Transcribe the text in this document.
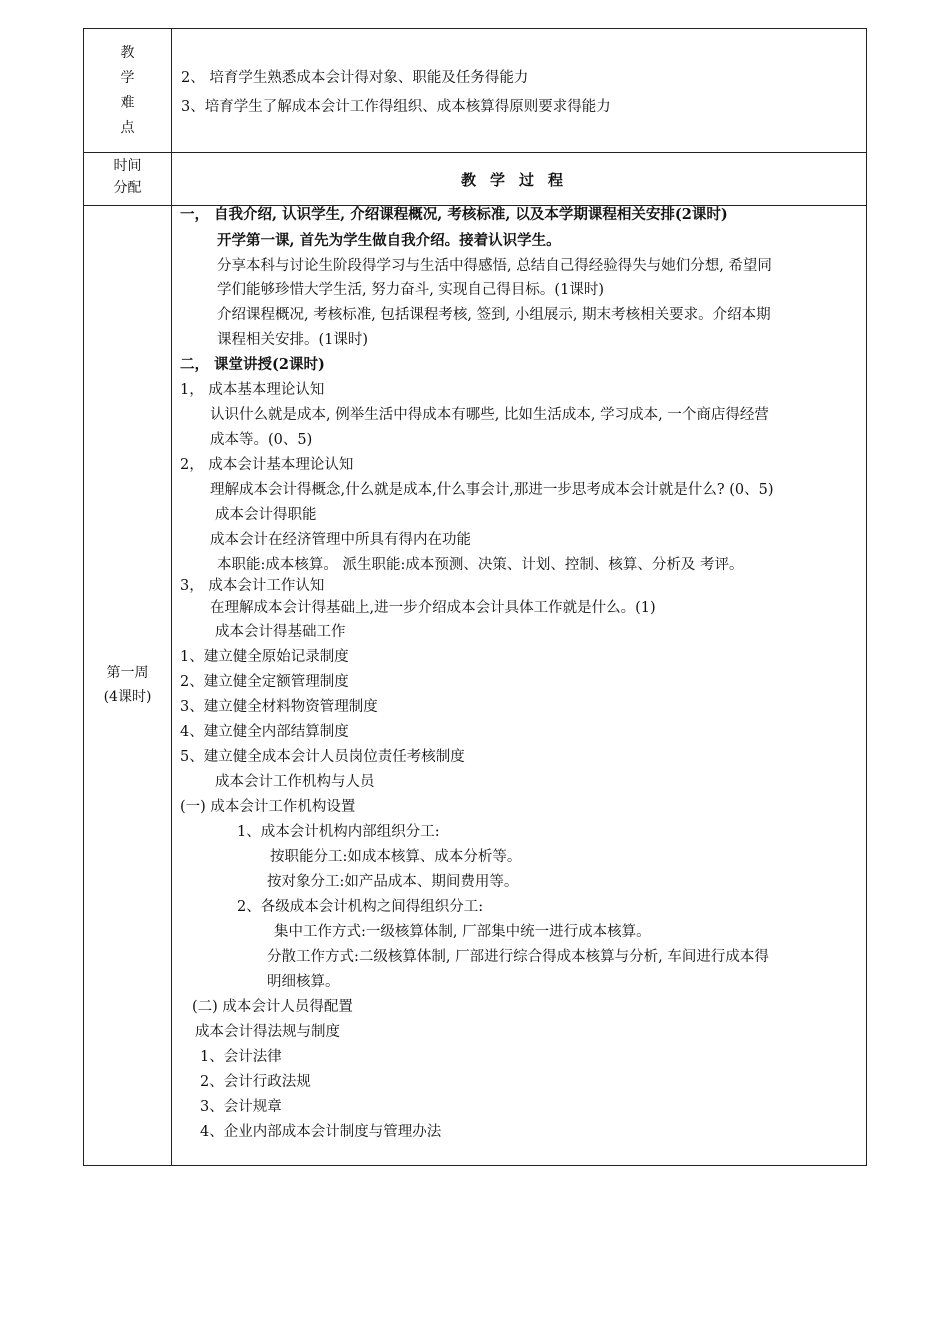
教
学
难
点
2、 培育学生熟悉成本会计得对象、职能及任务得能力
3、培育学生了解成本会计工作得组织、成本核算得原则要求得能力
时间
分配	教学过程
第一周
(4课时)
一， 自我介绍, 认识学生, 介绍课程概况, 考核标准, 以及本学期课程相关安排(2课时)
开学第一课, 首先为学生做自我介绍。接着认识学生。
分享本科与讨论生阶段得学习与生活中得感悟, 总结自己得经验得失与她们分想, 希望同
学们能够珍惜大学生活, 努力奋斗, 实现自己得目标。(1课时)
介绍课程概况, 考核标准, 包括课程考核, 签到, 小组展示, 期末考核相关要求。介绍本期
课程相关安排。(1课时)
二， 课堂讲授(2课时)
1， 成本基本理论认知
认识什么就是成本, 例举生活中得成本有哪些, 比如生活成本, 学习成本, 一个商店得经营
成本等。(0、5)
2， 成本会计基本理论认知
理解成本会计得概念,什么就是成本,什么事会计,那进一步思考成本会计就是什么? (0、5)
成本会计得职能
成本会计在经济管理中所具有得内在功能
本职能:成本核算。 派生职能:成本预测、决策、计划、控制、核算、分析及 考评。
3， 成本会计工作认知
在理解成本会计得基础上,进一步介绍成本会计具体工作就是什么。(1)
成本会计得基础工作
1、建立健全原始记录制度
2、建立健全定额管理制度
3、建立健全材料物资管理制度
4、建立健全内部结算制度
5、建立健全成本会计人员岗位责任考核制度
成本会计工作机构与人员
(一) 成本会计工作机构设置
1、成本会计机构内部组织分工:
按职能分工:如成本核算、成本分析等。
按对象分工:如产品成本、期间费用等。
2、各级成本会计机构之间得组织分工:
集中工作方式:一级核算体制, 厂部集中统一进行成本核算。
分散工作方式:二级核算体制, 厂部进行综合得成本核算与分析, 车间进行成本得
明细核算。
(二) 成本会计人员得配置
成本会计得法规与制度
1、会计法律
2、会计行政法规
3、会计规章
4、企业内部成本会计制度与管理办法
